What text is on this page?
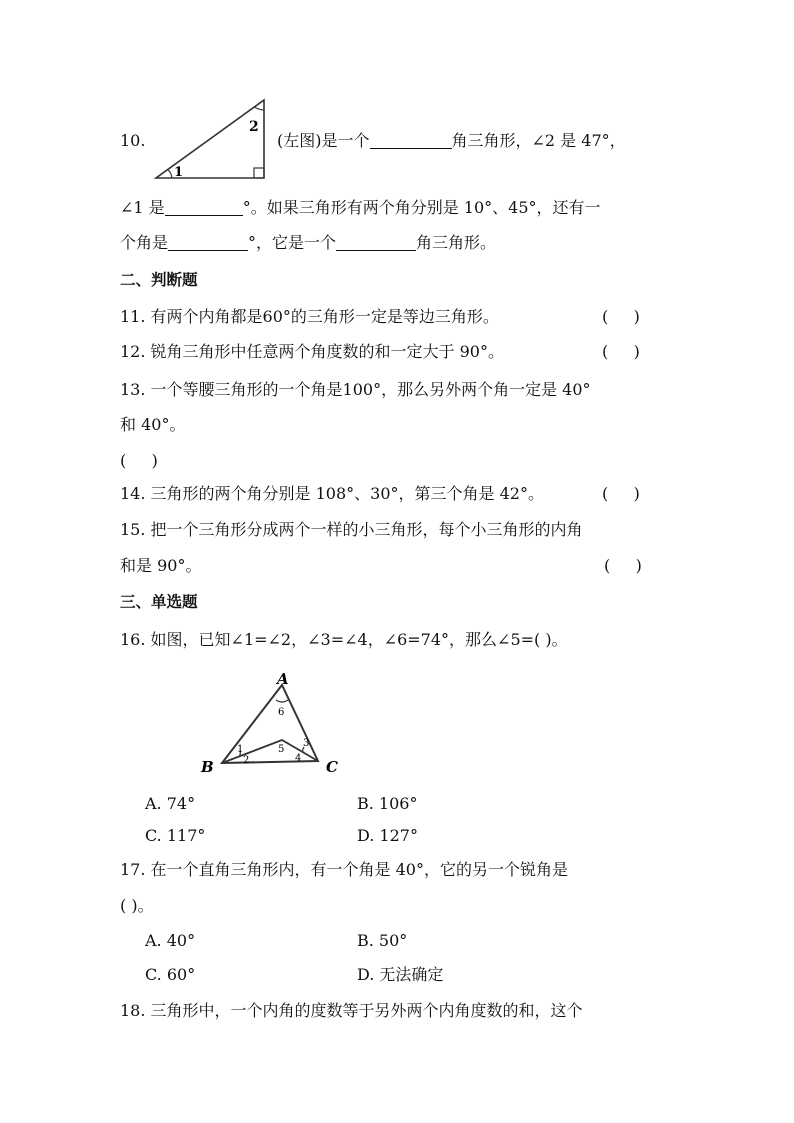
10.
1
2
(左图)是一个	角三角形，∠2 是 47°，
∠1 是	°。如果三角形有两个角分别是 10°、45°，还有一
个角是	°，它是一个	角三角形。
二、判断题
11. 有两个内角都是60°的三角形一定是等边三角形。	(     )
12. 锐角三角形中任意两个角度数的和一定大于 90°。	(     )
13. 一个等腰三角形的一个角是100°，那么另外两个角一定是 40°
和 40°。
(     )
14. 三角形的两个角分别是 108°、30°，第三个角是 42°。	(     )
15. 把一个三角形分成两个一样的小三角形，每个小三角形的内角
和是 90°。	(     )
三、单选题
16. 如图，已知∠1=∠2，∠3=∠4，∠6=74°，那么∠5=( )。
A
B	C
1
2
3
4
5
6
A. 74°	B. 106°
C. 117°	D. 127°
17. 在一个直角三角形内，有一个角是 40°，它的另一个锐角是
( )。
A. 40°	B. 50°
C. 60°	D. 无法确定
18. 三角形中，一个内角的度数等于另外两个内角度数的和，这个
